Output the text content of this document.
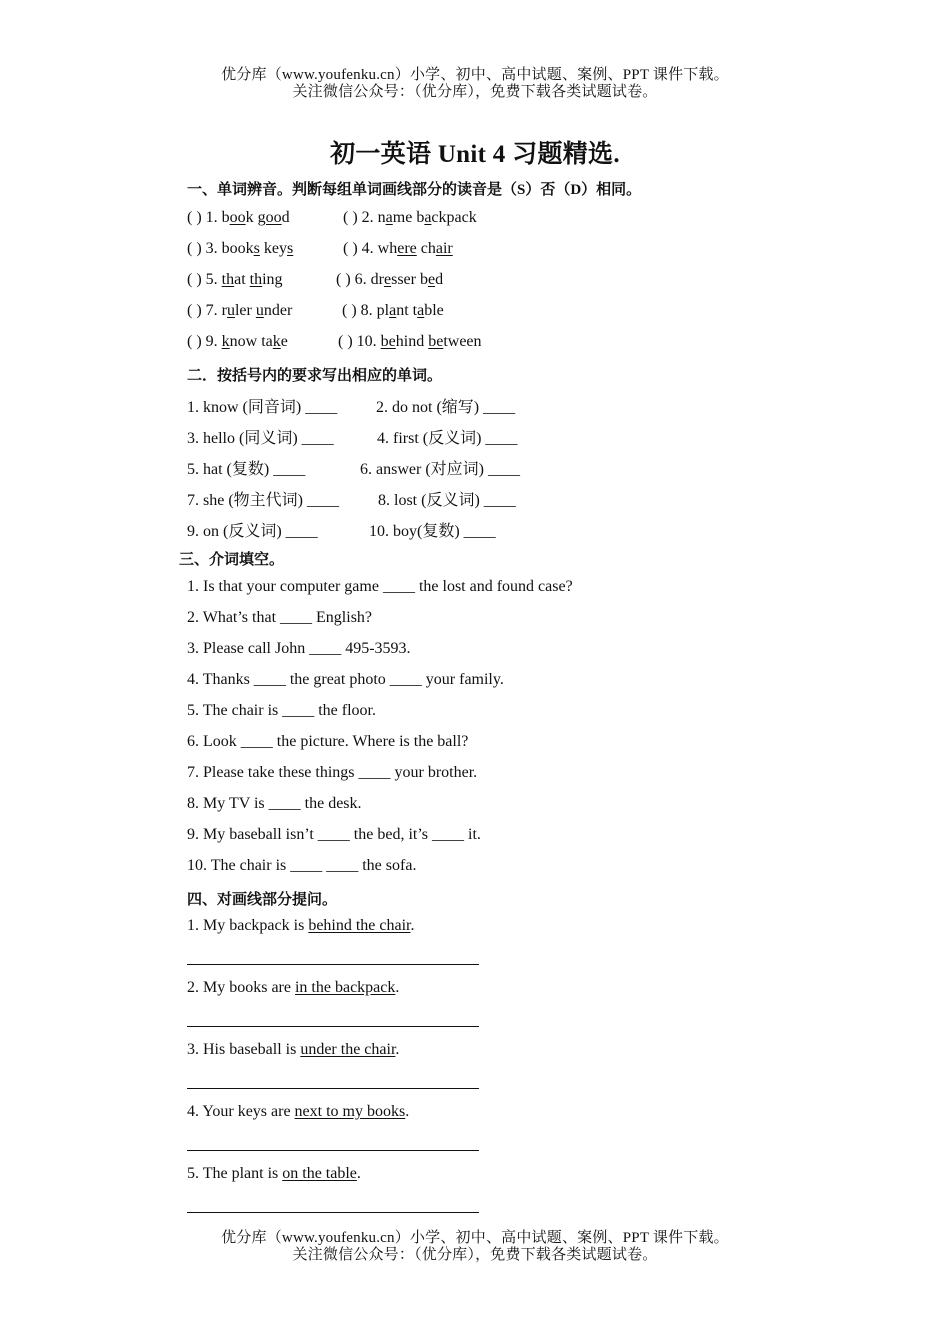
优分库（www.youfenku.cn）小学、初中、高中试题、案例、PPT 课件下载。
关注微信公众号：（优分库），免费下载各类试题试卷。
初一英语 Unit 4 习题精选.
一、单词辨音。判断每组单词画线部分的读音是（S）否（D）相同。
( ) 1. book good	( ) 2. name backpack
( ) 3. books keys	( ) 4. where chair
( ) 5. that thing	( ) 6. dresser bed
( ) 7. ruler under	( ) 8. plant table
( ) 9. know take	( ) 10. behind between
二．按括号内的要求写出相应的单词。
1. know (同音词) ____ 2. do not (缩写) ____
3. hello (同义词) ____	4. first (反义词) ____
5. hat (复数) ____	6. answer (对应词) ____
7. she (物主代词) ____ 8. lost (反义词) ____
9. on (反义词) ____	10. boy(复数) ____
三、介词填空。
1. Is that your computer game ____ the lost and found case?
2. What’s that ____ English?
3. Please call John ____ 495-3593.
4. Thanks ____ the great photo ____ your family.
5. The chair is ____ the floor.
6. Look ____ the picture. Where is the ball?
7. Please take these things ____ your brother.
8. My TV is ____ the desk.
9. My baseball isn’t ____ the bed, it’s ____ it.
10. The chair is ____ ____ the sofa.
四、对画线部分提问。
1. My backpack is behind the chair.
2. My books are in the backpack.
3. His baseball is under the chair.
4. Your keys are next to my books.
5. The plant is on the table.
优分库（www.youfenku.cn）小学、初中、高中试题、案例、PPT 课件下载。
关注微信公众号：（优分库），免费下载各类试题试卷。
